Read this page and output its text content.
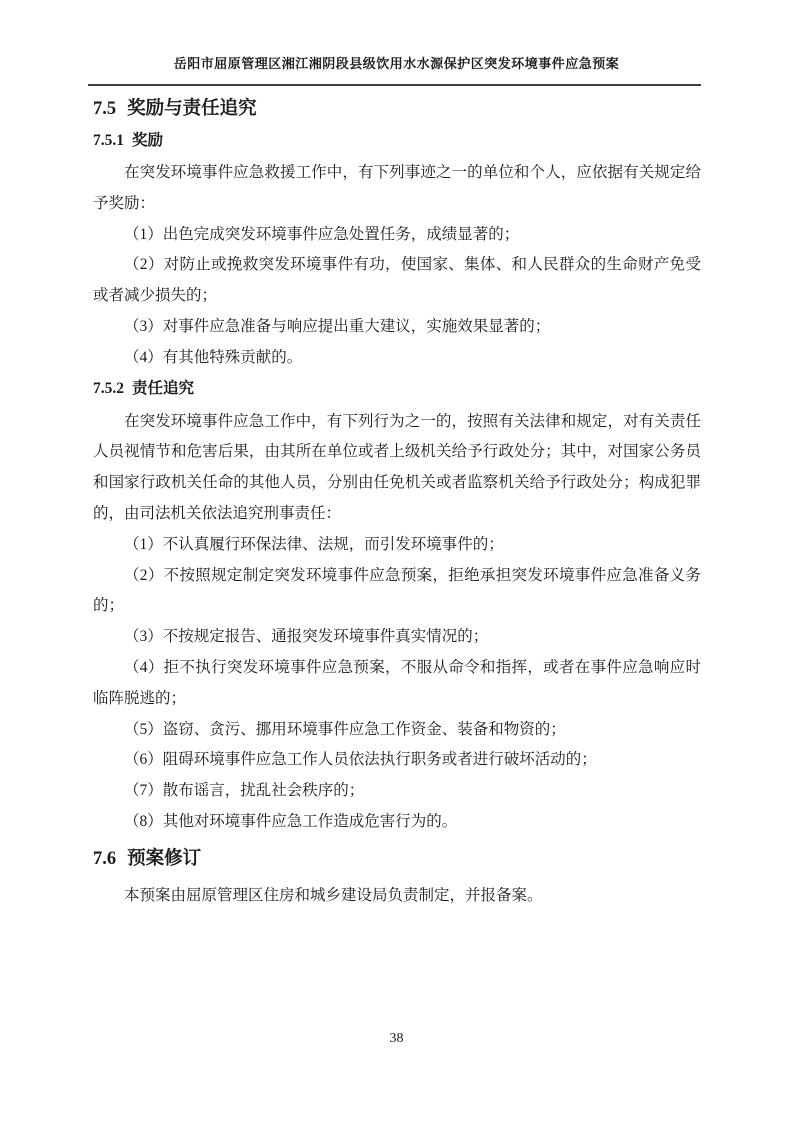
岳阳市屈原管理区湘江湘阴段县级饮用水水源保护区突发环境事件应急预案
7.5 奖励与责任追究
7.5.1 奖励

在突发环境事件应急救援工作中，有下列事迹之一的单位和个人，应依据有关规定给予奖励：

（1）出色完成突发环境事件应急处置任务，成绩显著的；

（2）对防止或挽救突发环境事件有功，使国家、集体、和人民群众的生命财产免受或者减少损失的；

（3）对事件应急准备与响应提出重大建议，实施效果显著的；

（4）有其他特殊贡献的。

7.5.2 责任追究

在突发环境事件应急工作中，有下列行为之一的，按照有关法律和规定，对有关责任人员视情节和危害后果，由其所在单位或者上级机关给予行政处分；其中，对国家公务员和国家行政机关任命的其他人员，分别由任免机关或者监察机关给予行政处分；构成犯罪的，由司法机关依法追究刑事责任：

（1）不认真履行环保法律、法规，而引发环境事件的；

（2）不按照规定制定突发环境事件应急预案，拒绝承担突发环境事件应急准备义务的；

（3）不按规定报告、通报突发环境事件真实情况的；

（4）拒不执行突发环境事件应急预案，不服从命令和指挥，或者在事件应急响应时临阵脱逃的；

（5）盗窃、贪污、挪用环境事件应急工作资金、装备和物资的；

（6）阻碍环境事件应急工作人员依法执行职务或者进行破坏活动的；

（7）散布谣言，扰乱社会秩序的；

（8）其他对环境事件应急工作造成危害行为的。

7.6 预案修订

本预案由屈原管理区住房和城乡建设局负责制定，并报备案。

38
